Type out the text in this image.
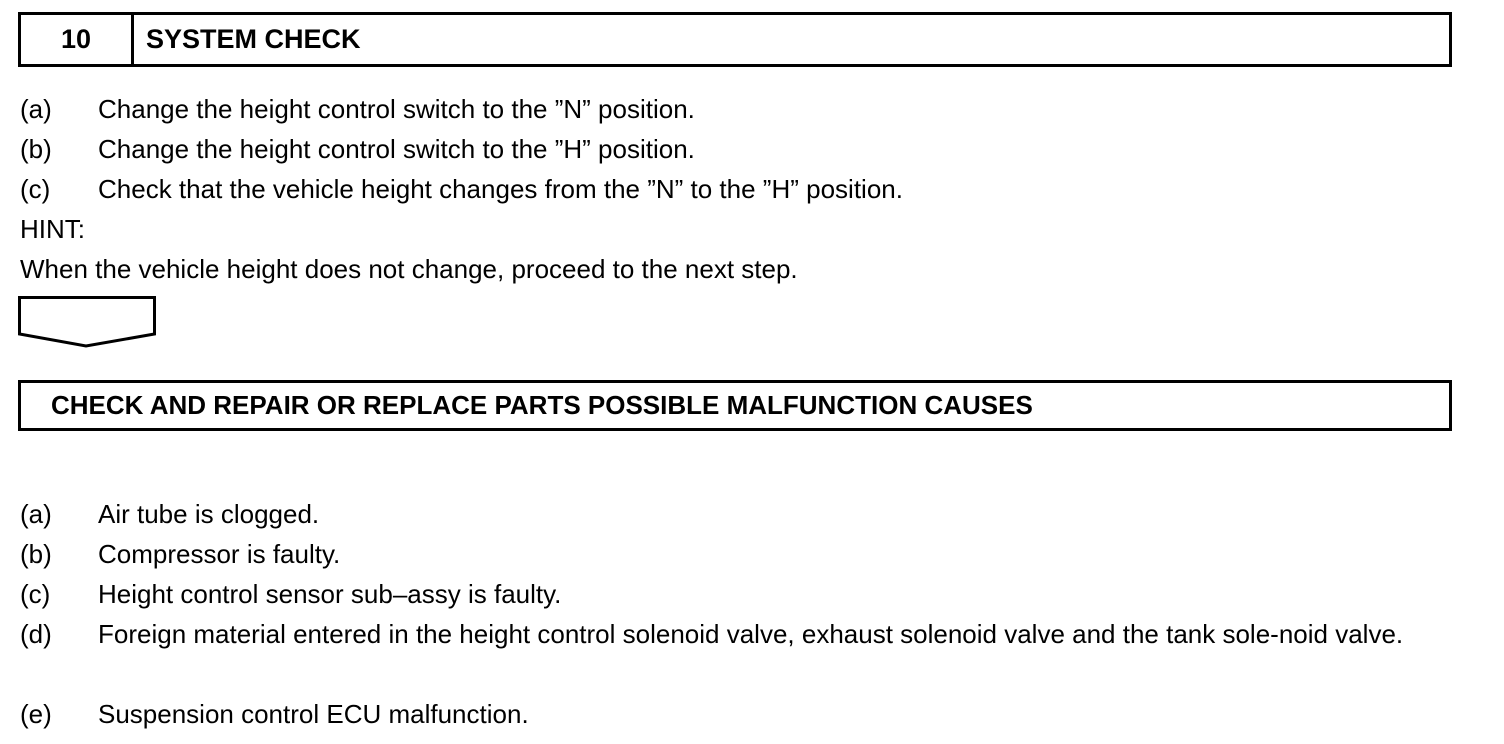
10	SYSTEM CHECK
(a)	Change the height control switch to the ”N” position.
(b)	Change the height control switch to the ”H” position.
(c)	Check that the vehicle height changes from the ”N” to the ”H” position.
HINT:
When the vehicle height does not change, proceed to the next step.
CHECK AND REPAIR OR REPLACE PARTS POSSIBLE MALFUNCTION CAUSES
(a)	Air tube is clogged.
(b)	Compressor is faulty.
(c)	Height control sensor sub–assy is faulty.
(d)	Foreign material entered in the height control solenoid valve, exhaust solenoid valve and the tank sole-noid valve.
(e)	Suspension control ECU malfunction.
